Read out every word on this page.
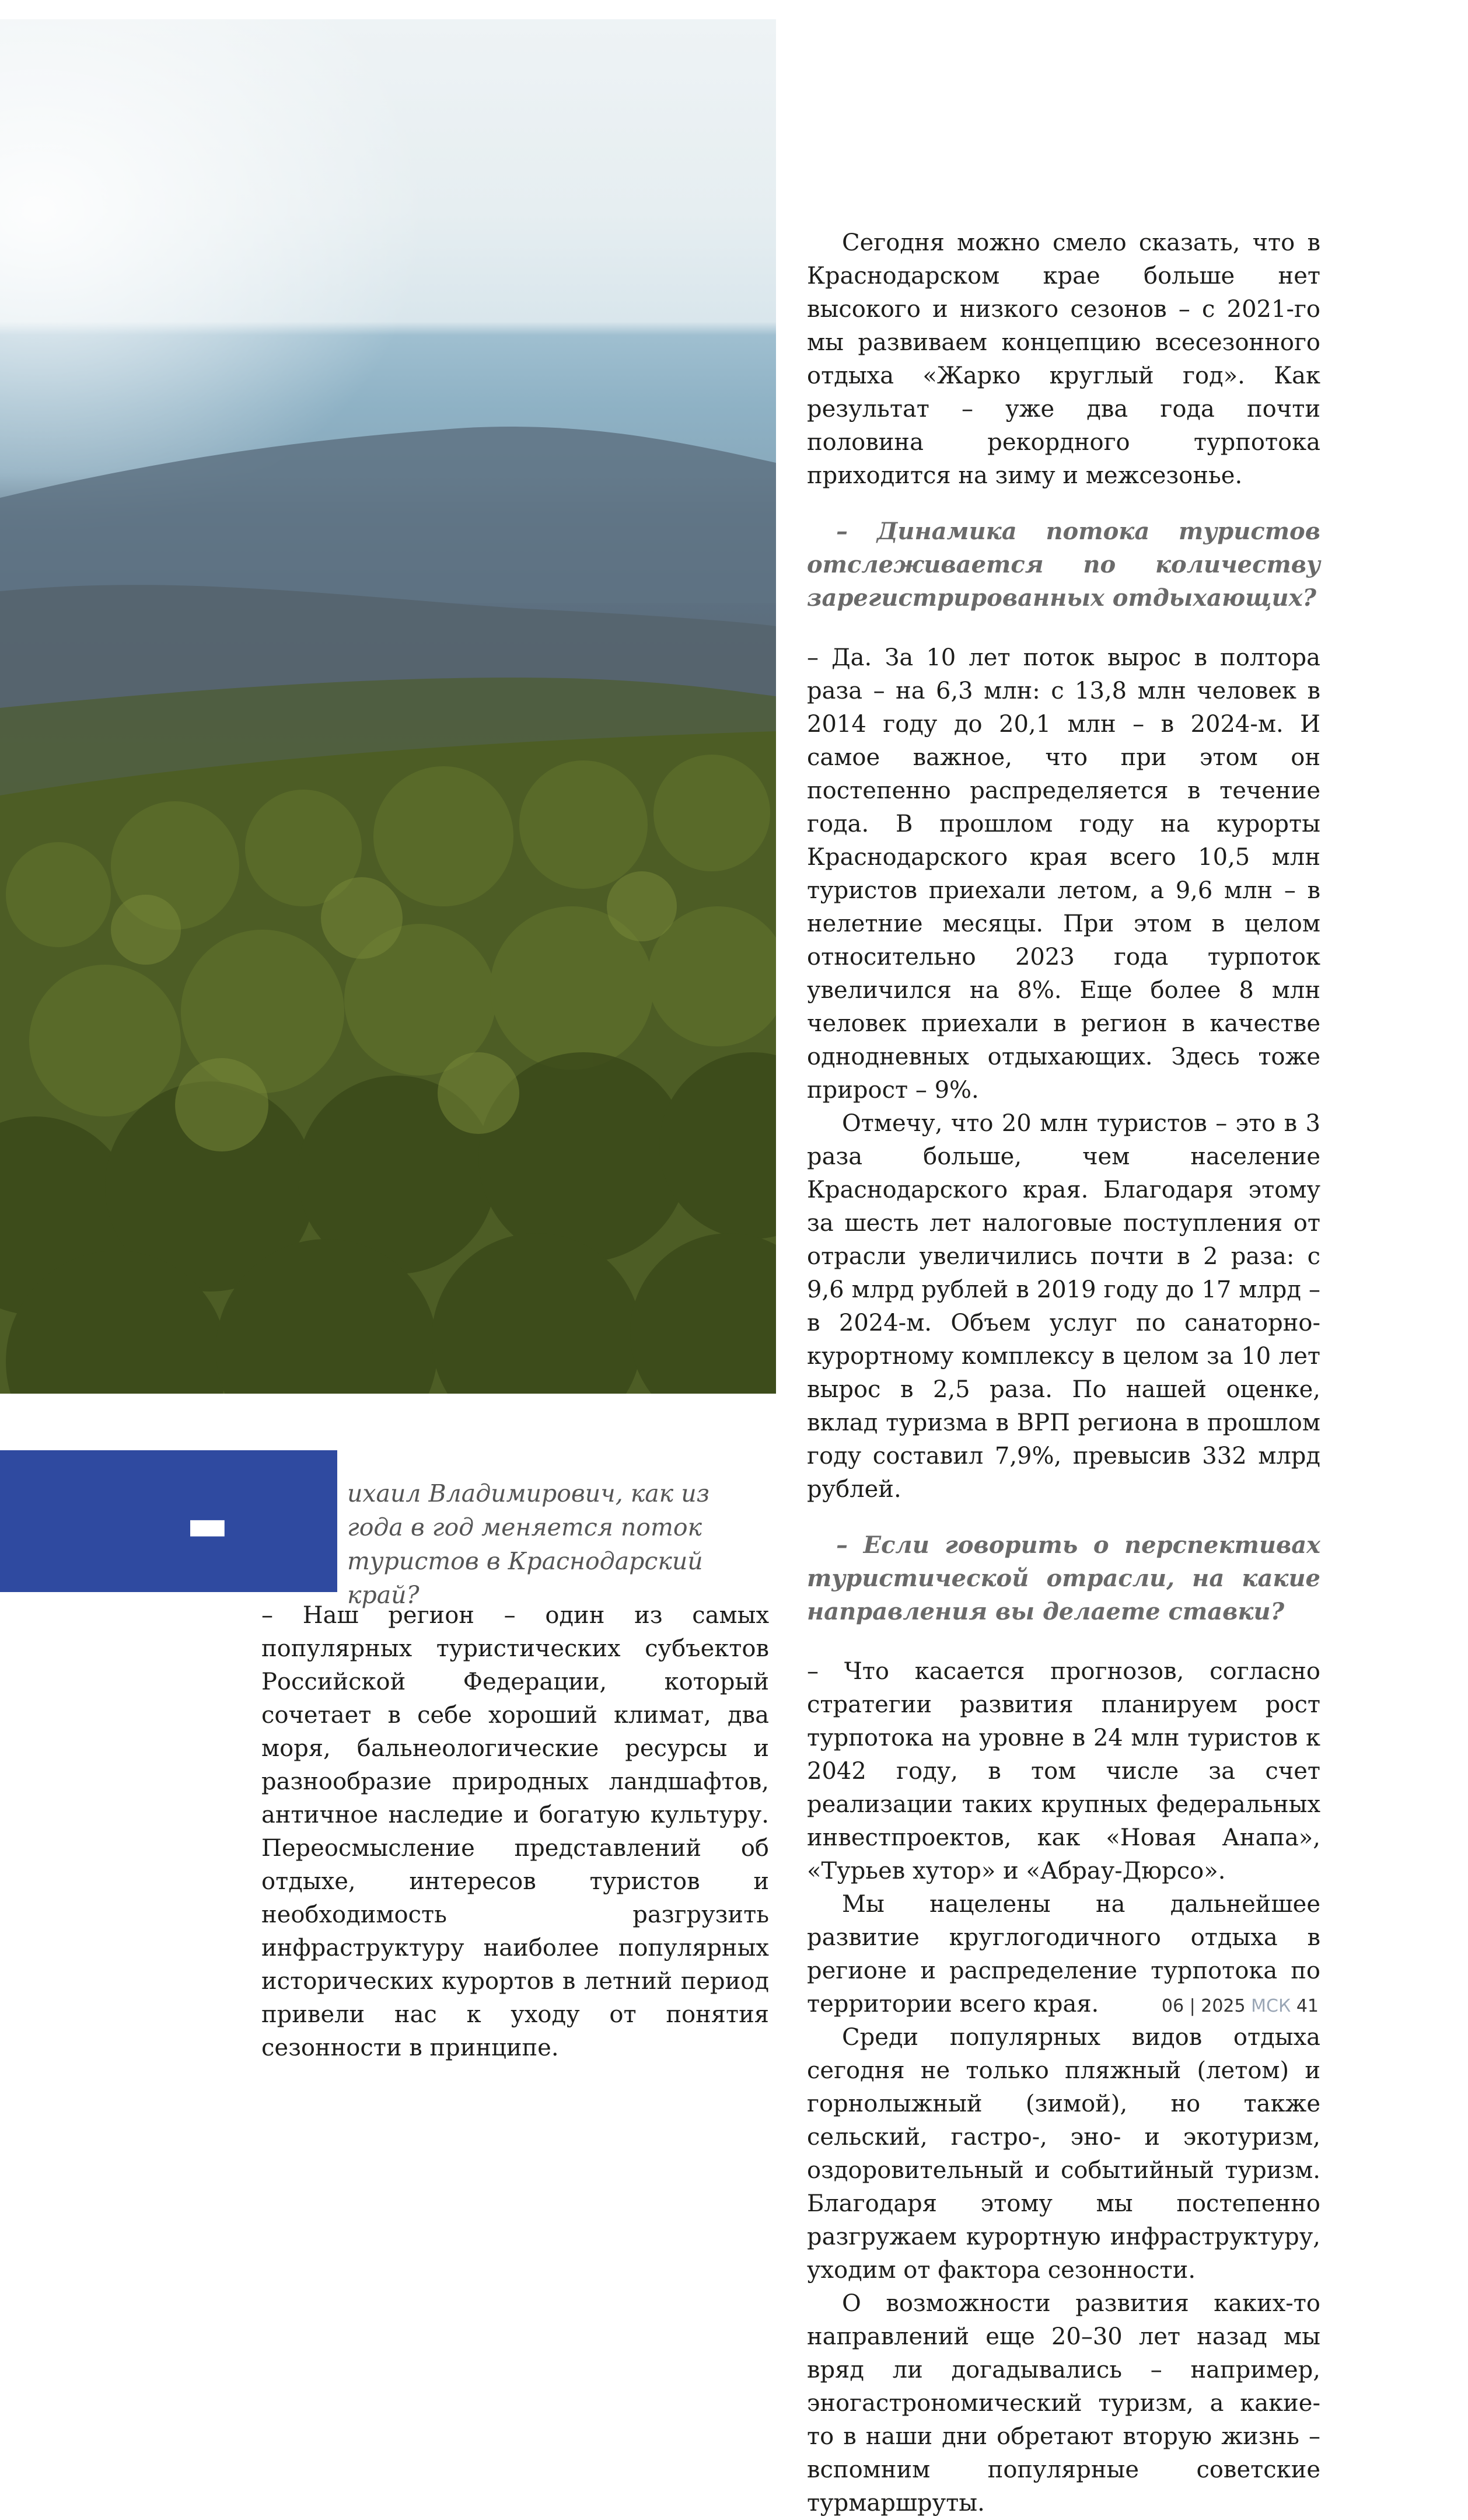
–М
ихаил Владимирович, как из года в год меняется поток туристов в Краснодарский край?

– Наш регион – один из самых популярных туристических субъектов Российской Федерации, который сочетает в себе хороший климат, два моря, бальнеологические ресурсы и разнообразие природных ландшафтов, античное наследие и богатую культуру. Переосмысление представлений об отдыхе, интересов туристов и необходимость разгрузить инфраструктуру наиболее популярных исторических курортов в летний период привели нас к уходу от понятия сезонности в принципе.

Сегодня можно смело сказать, что в Краснодарском крае больше нет высокого и низкого сезонов – с 2021-го мы развиваем концепцию всесезонного отдыха «Жарко круглый год». Как результат – уже два года почти половина рекордного турпотока приходится на зиму и межсезонье.

– Динамика потока туристов отслеживается по количеству зарегистрированных отдыхающих?

– Да. За 10 лет поток вырос в полтора раза – на 6,3 млн: с 13,8 млн человек в 2014 году до 20,1 млн – в 2024-м. И самое важное, что при этом он постепенно распределяется в течение года. В прошлом году на курорты Краснодарского края всего 10,5 млн туристов приехали летом, а 9,6 млн – в нелетние месяцы. При этом в целом относительно 2023 года турпоток увеличился на 8%. Еще более 8 млн человек приехали в регион в качестве однодневных отдыхающих. Здесь тоже прирост – 9%.

Отмечу, что 20 млн туристов – это в 3 раза больше, чем население Краснодарского края. Благодаря этому за шесть лет налоговые поступления от отрасли увеличились почти в 2 раза: с 9,6 млрд рублей в 2019 году до 17 млрд – в 2024-м. Объем услуг по санаторно-курортному комплексу в целом за 10 лет вырос в 2,5 раза. По нашей оценке, вклад туризма в ВРП региона в прошлом году составил 7,9%, превысив 332 млрд рублей.

– Если говорить о перспективах туристической отрасли, на какие направления вы делаете ставки?

– Что касается прогнозов, согласно стратегии развития планируем рост турпотока на уровне в 24 млн туристов к 2042 году, в том числе за счет реализации таких крупных федеральных инвестпроектов, как «Новая Анапа», «Турьев хутор» и «Абрау-Дюрсо».

Мы нацелены на дальнейшее развитие круглогодичного отдыха в регионе и распределение турпотока по территории всего края.

Среди популярных видов отдыха сегодня не только пляжный (летом) и горнолыжный (зимой), но также сельский, гастро-, эно- и экотуризм, оздоровительный и событийный туризм. Благодаря этому мы постепенно разгружаем курортную инфраструктуру, уходим от фактора сезонности.

О возможности развития каких-то направлений еще 20–30 лет назад мы вряд ли догадывались – например, эногастрономический туризм, а какие-то в наши дни обретают вторую жизнь – вспомним популярные советские турмаршруты.

06 | 2025 МСК 41
